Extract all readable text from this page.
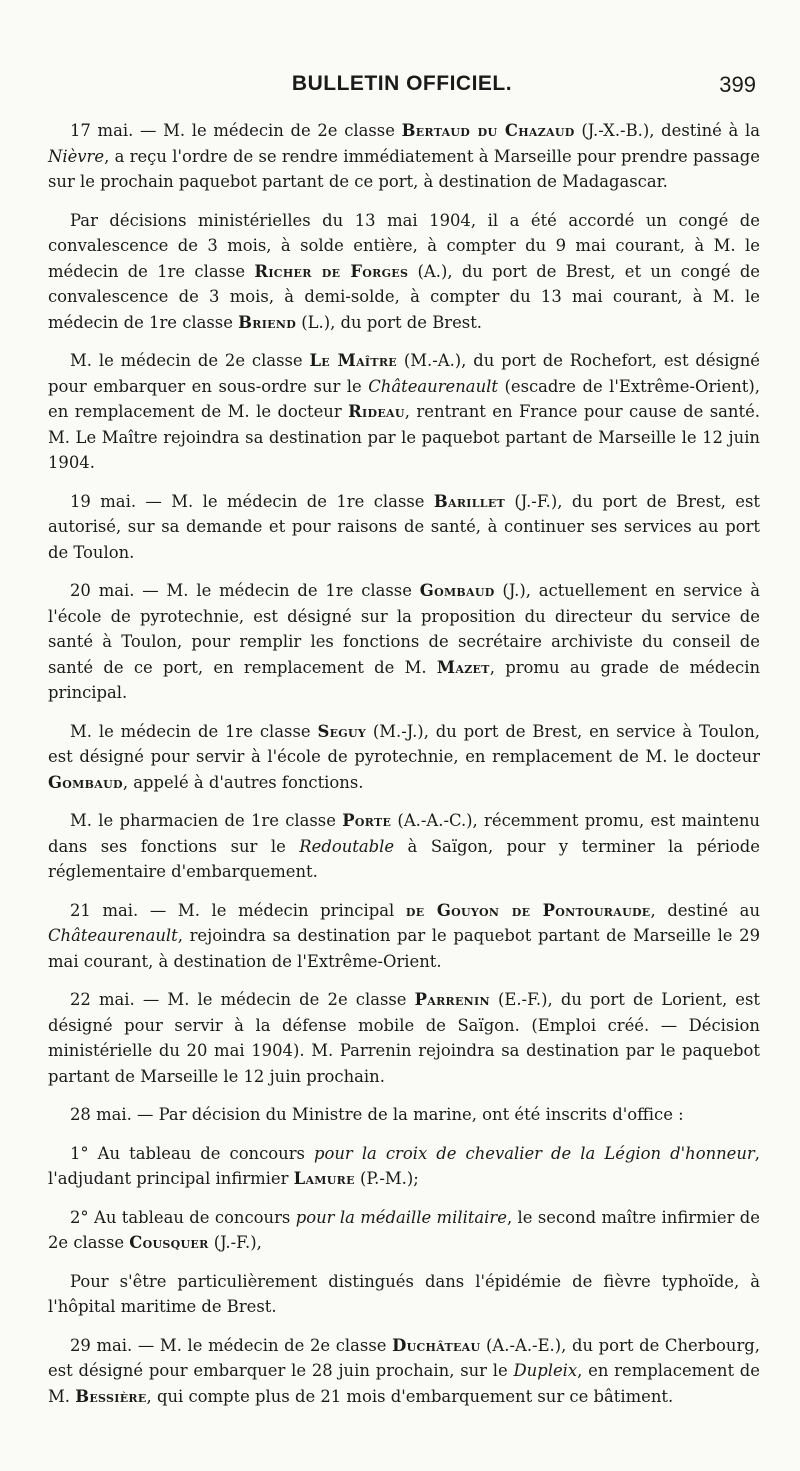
BULLETIN OFFICIEL.	399

17 mai. — M. le médecin de 2e classe Bertaud du Chazaud (J.-X.-B.), destiné à la Nièvre, a reçu l'ordre de se rendre immédiatement à Marseille pour prendre passage sur le prochain paquebot partant de ce port, à destination de Madagascar.

Par décisions ministérielles du 13 mai 1904, il a été accordé un congé de convalescence de 3 mois, à solde entière, à compter du 9 mai courant, à M. le médecin de 1re classe Richer de Forges (A.), du port de Brest, et un congé de convalescence de 3 mois, à demi-solde, à compter du 13 mai courant, à M. le médecin de 1re classe Briend (L.), du port de Brest.

M. le médecin de 2e classe Le Maître (M.-A.), du port de Rochefort, est désigné pour embarquer en sous-ordre sur le Châteaurenault (escadre de l'Extrême-Orient), en remplacement de M. le docteur Rideau, rentrant en France pour cause de santé. M. Le Maître rejoindra sa destination par le paquebot partant de Marseille le 12 juin 1904.

19 mai. — M. le médecin de 1re classe Barillet (J.-F.), du port de Brest, est autorisé, sur sa demande et pour raisons de santé, à continuer ses services au port de Toulon.

20 mai. — M. le médecin de 1re classe Gombaud (J.), actuellement en service à l'école de pyrotechnie, est désigné sur la proposition du directeur du service de santé à Toulon, pour remplir les fonctions de secrétaire archiviste du conseil de santé de ce port, en remplacement de M. Mazet, promu au grade de médecin principal.

M. le médecin de 1re classe Seguy (M.-J.), du port de Brest, en service à Toulon, est désigné pour servir à l'école de pyrotechnie, en remplacement de M. le docteur Gombaud, appelé à d'autres fonctions.

M. le pharmacien de 1re classe Porte (A.-A.-C.), récemment promu, est maintenu dans ses fonctions sur le Redoutable à Saïgon, pour y terminer la période réglementaire d'embarquement.

21 mai. — M. le médecin principal de Gouyon de Pontouraude, destiné au Châteaurenault, rejoindra sa destination par le paquebot partant de Marseille le 29 mai courant, à destination de l'Extrême-Orient.

22 mai. — M. le médecin de 2e classe Parrenin (E.-F.), du port de Lorient, est désigné pour servir à la défense mobile de Saïgon. (Emploi créé. — Décision ministérielle du 20 mai 1904). M. Parrenin rejoindra sa destination par le paquebot partant de Marseille le 12 juin prochain.

28 mai. — Par décision du Ministre de la marine, ont été inscrits d'office :

1° Au tableau de concours pour la croix de chevalier de la Légion d'honneur, l'adjudant principal infirmier Lamure (P.-M.);

2° Au tableau de concours pour la médaille militaire, le second maître infirmier de 2e classe Cousquer (J.-F.),

Pour s'être particulièrement distingués dans l'épidémie de fièvre typhoïde, à l'hôpital maritime de Brest.

29 mai. — M. le médecin de 2e classe Duchâteau (A.-A.-E.), du port de Cherbourg, est désigné pour embarquer le 28 juin prochain, sur le Dupleix, en remplacement de M. Bessière, qui compte plus de 21 mois d'embarquement sur ce bâtiment.
